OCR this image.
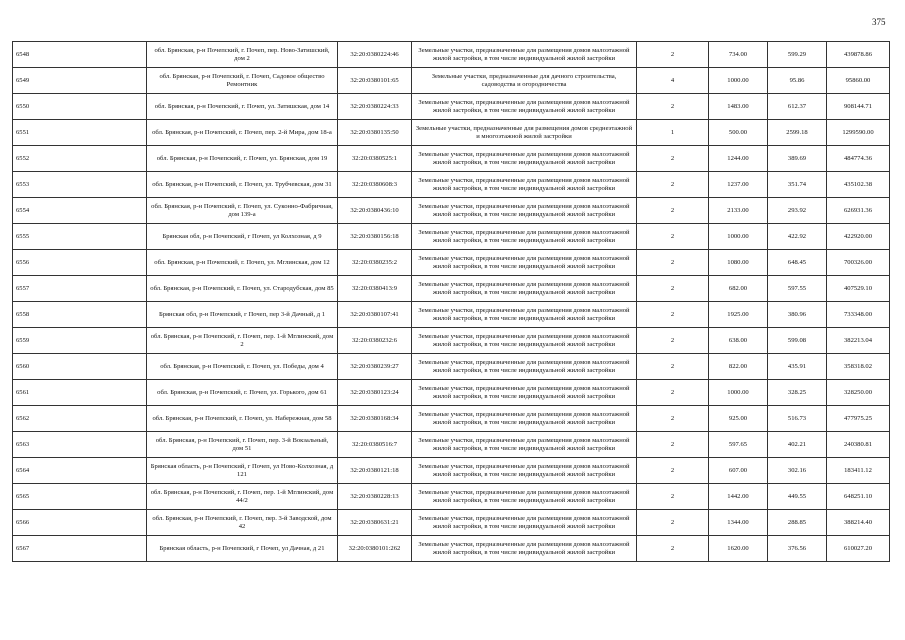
375
6548	обл. Брянская, р-н Почепский, г. Почеп, пер. Ново-Затишский, дом 2	32:20:0380224:46	Земельные участки, предназначенные для размещения домов малоэтажной жилой застройки, в том числе индивидуальной жилой застройки	2	734.00	599.29	439878.86
6549	обл. Брянская, р-н Почепский, г. Почеп, Садовое общество Ремонтник	32:20:0380101:65	Земельные участки, предназначенные для дачного строительства, садоводства и огородничества	4	1000.00	95.86	95860.00
6550	обл. Брянская, р-н Почепский, г. Почеп, ул. Затишская, дом 14	32:20:0380224:33	Земельные участки, предназначенные для размещения домов малоэтажной жилой застройки, в том числе индивидуальной жилой застройки	2	1483.00	612.37	908144.71
6551	обл. Брянская, р-н Почепский, г. Почеп, пер. 2-й Мира, дом 18-а	32:20:0380135:50	Земельные участки, предназначенные для размещения домов среднеэтажной и многоэтажной жилой застройки	1	500.00	2599.18	1299590.00
6552	обл. Брянская, р-н Почепский, г. Почеп, ул. Брянская, дом 19	32:20:0380525:1	Земельные участки, предназначенные для размещения домов малоэтажной жилой застройки, в том числе индивидуальной жилой застройки	2	1244.00	389.69	484774.36
6553	обл. Брянская, р-н Почепский, г. Почеп, ул. Трубчевская, дом 31	32:20:0380608:3	Земельные участки, предназначенные для размещения домов малоэтажной жилой застройки, в том числе индивидуальной жилой застройки	2	1237.00	351.74	435102.38
6554	обл. Брянская, р-н Почепский, г. Почеп, ул. Суконно-Фабричная, дом 139-а	32:20:0380436:10	Земельные участки, предназначенные для размещения домов малоэтажной жилой застройки, в том числе индивидуальной жилой застройки	2	2133.00	293.92	626931.36
6555	Брянская обл, р-н Почепский, г Почеп, ул Колхозная, д 9	32:20:0380156:18	Земельные участки, предназначенные для размещения домов малоэтажной жилой застройки, в том числе индивидуальной жилой застройки	2	1000.00	422.92	422920.00
6556	обл. Брянская, р-н Почепский, г. Почеп, ул. Мглинская, дом 12	32:20:0380235:2	Земельные участки, предназначенные для размещения домов малоэтажной жилой застройки, в том числе индивидуальной жилой застройки	2	1080.00	648.45	700326.00
6557	обл. Брянская, р-н Почепский, г. Почеп, ул. Стародубская, дом 85	32:20:0380413:9	Земельные участки, предназначенные для размещения домов малоэтажной жилой застройки, в том числе индивидуальной жилой застройки	2	682.00	597.55	407529.10
6558	Брянская обл, р-н Почепский, г Почеп, пер 3-й Дачный, д 1	32:20:0380107:41	Земельные участки, предназначенные для размещения домов малоэтажной жилой застройки, в том числе индивидуальной жилой застройки	2	1925.00	380.96	733348.00
6559	обл. Брянская, р-н Почепский, г. Почеп, пер. 1-й Мглинский, дом 2	32:20:0380232:6	Земельные участки, предназначенные для размещения домов малоэтажной жилой застройки, в том числе индивидуальной жилой застройки	2	638.00	599.08	382213.04
6560	обл. Брянская, р-н Почепский, г. Почеп, ул. Победы, дом 4	32:20:0380239:27	Земельные участки, предназначенные для размещения домов малоэтажной жилой застройки, в том числе индивидуальной жилой застройки	2	822.00	435.91	358318.02
6561	обл. Брянская, р-н Почепский, г. Почеп, ул. Горького, дом 61	32:20:0380123:24	Земельные участки, предназначенные для размещения домов малоэтажной жилой застройки, в том числе индивидуальной жилой застройки	2	1000.00	328.25	328250.00
6562	обл. Брянская, р-н Почепский, г. Почеп, ул. Набережная, дом 58	32:20:0380168:34	Земельные участки, предназначенные для размещения домов малоэтажной жилой застройки, в том числе индивидуальной жилой застройки	2	925.00	516.73	477975.25
6563	обл. Брянская, р-н Почепский, г. Почеп, пер. 3-й Вокзальный, дом 51	32:20:0380516:7	Земельные участки, предназначенные для размещения домов малоэтажной жилой застройки, в том числе индивидуальной жилой застройки	2	597.65	402.21	240380.81
6564	Брянская область, р-н Почепский, г Почеп, ул Ново-Колхозная, д 121	32:20:0380121:18	Земельные участки, предназначенные для размещения домов малоэтажной жилой застройки, в том числе индивидуальной жилой застройки	2	607.00	302.16	183411.12
6565	обл. Брянская, р-н Почепский, г. Почеп, пер. 1-й Мглинский, дом 44/2	32:20:0380228:13	Земельные участки, предназначенные для размещения домов малоэтажной жилой застройки, в том числе индивидуальной жилой застройки	2	1442.00	449.55	648251.10
6566	обл. Брянская, р-н Почепский, г. Почеп, пер. 3-й Заводской, дом 42	32:20:0380631:21	Земельные участки, предназначенные для размещения домов малоэтажной жилой застройки, в том числе индивидуальной жилой застройки	2	1344.00	288.85	388214.40
6567	Брянская область, р-н Почепский, г Почеп, ул Дачная, д 21	32:20:0380101:262	Земельные участки, предназначенные для размещения домов малоэтажной жилой застройки, в том числе индивидуальной жилой застройки	2	1620.00	376.56	610027.20
